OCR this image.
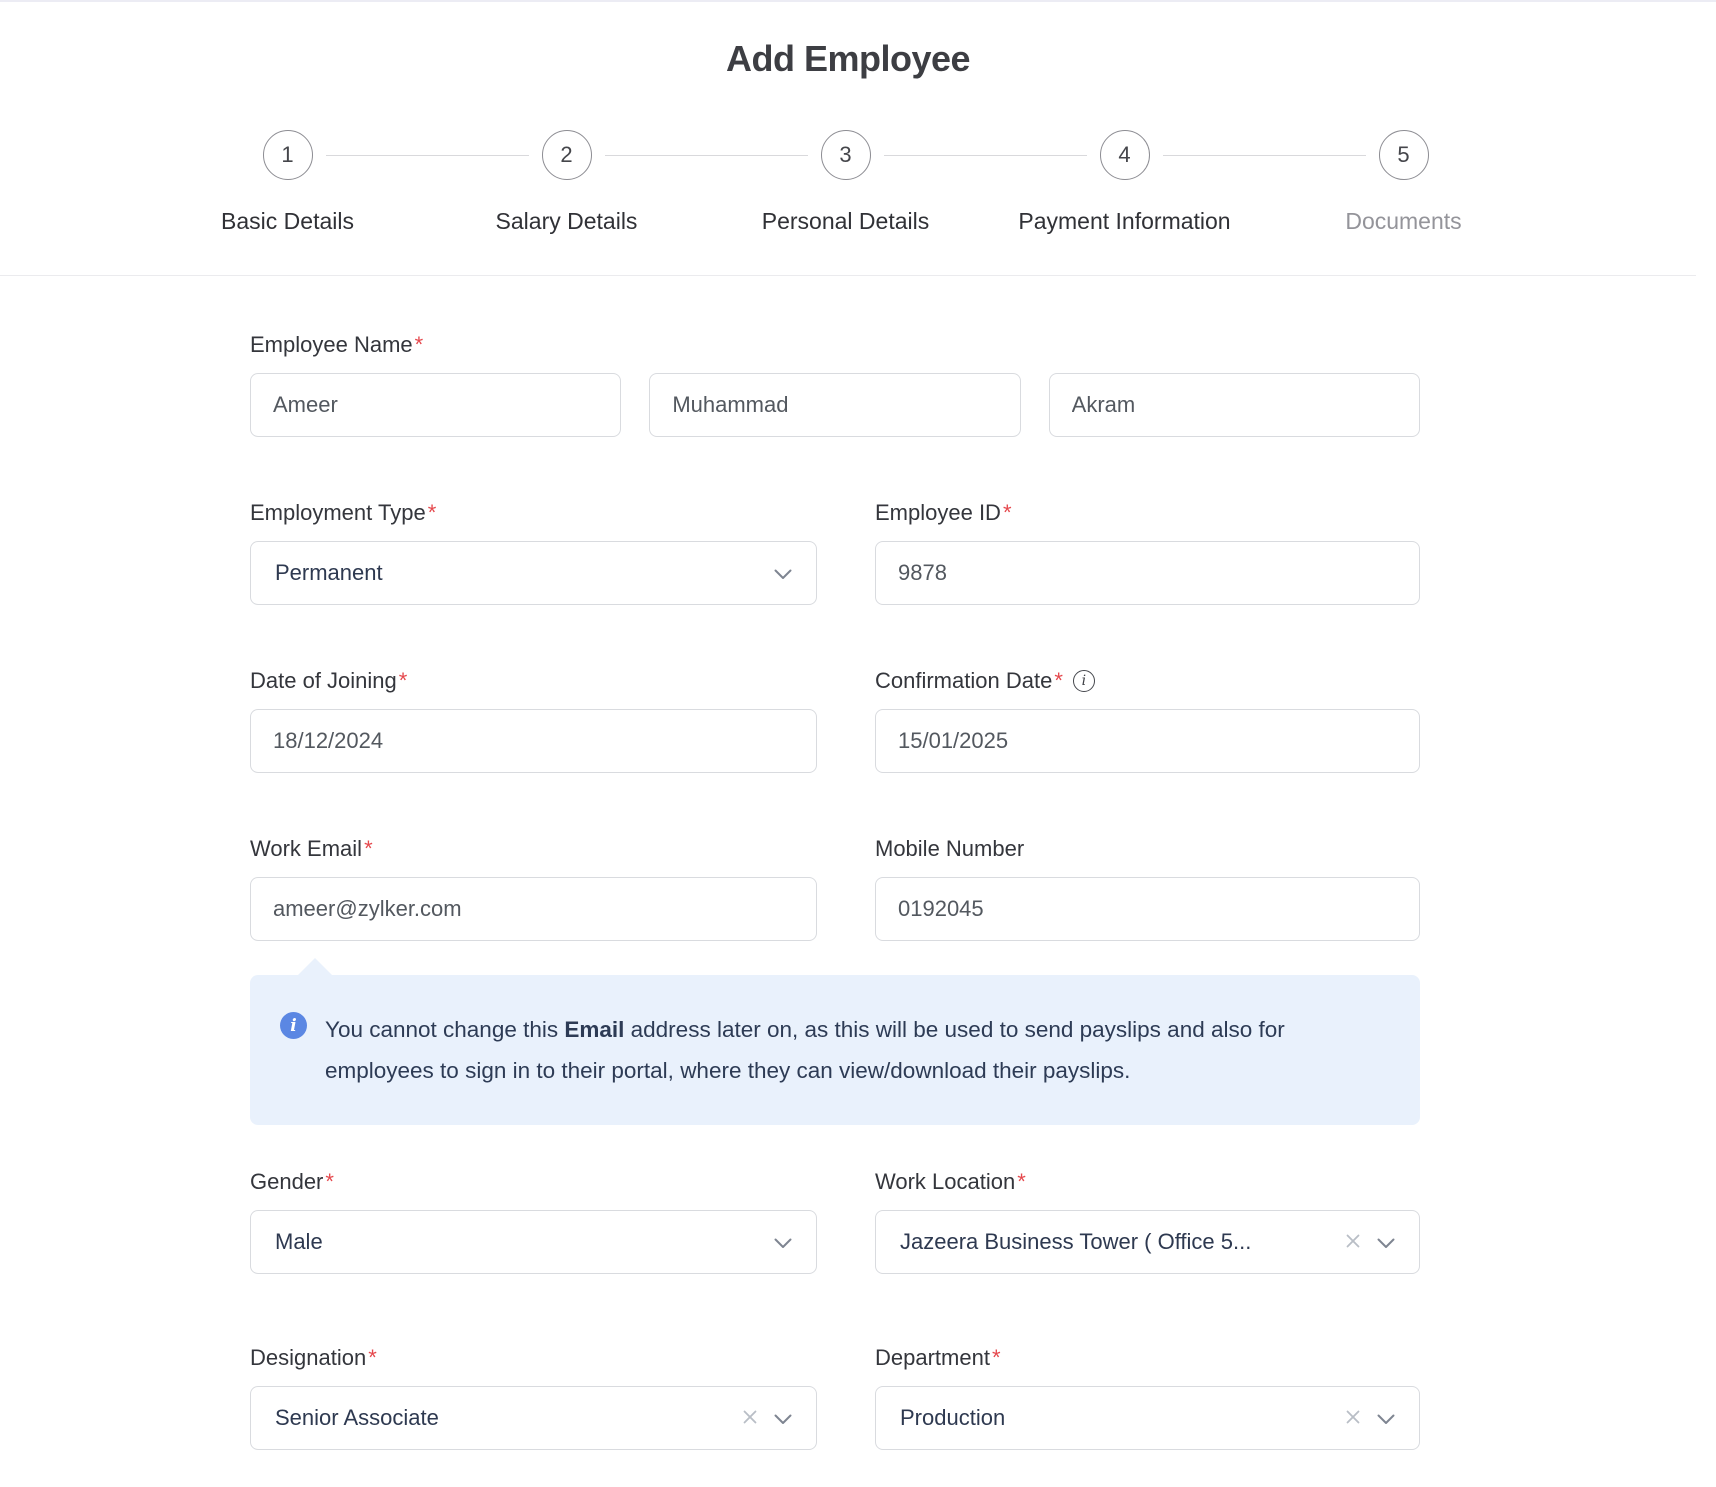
Add Employee
1
Basic Details
2
Salary Details
3
Personal Details
4
Payment Information
5
Documents
Employee Name *
Ameer
Muhammad
Akram
Employment Type *
Permanent
Employee ID *
9878
Date of Joining *
18/12/2024	Confirmation Date *	i
15/01/2025
Work Email *
ameer@zylker.com	Mobile Number
0192045
i	You cannot change this Email address later on, as this will be used to send payslips and also for employees to sign in to their portal, where they can view/download their payslips.
Gender *
Male
Work Location *
Jazeera Business Tower ( Office 5...
Designation *
Senior Associate
Department *
Production
